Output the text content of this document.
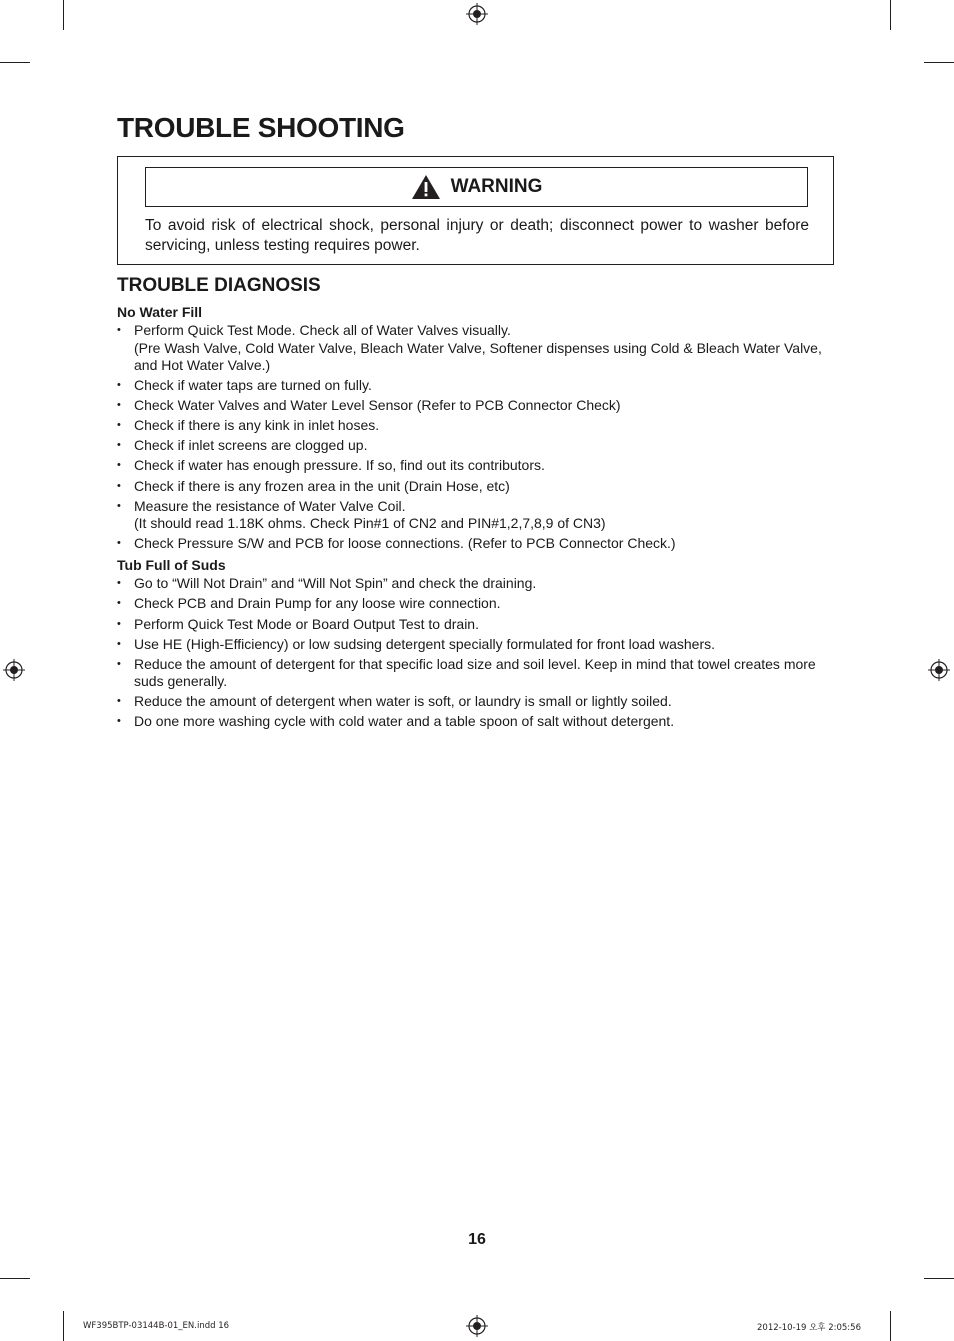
TROUBLE SHOOTING
WARNING

To avoid risk of electrical shock, personal injury or death; disconnect power to washer before servicing, unless testing requires power.

TROUBLE DIAGNOSIS

No Water Fill

• Perform Quick Test Mode. Check all of Water Valves visually.
(Pre Wash Valve, Cold Water Valve, Bleach Water Valve, Softener dispenses using Cold & Bleach Water Valve, and Hot Water Valve.)
• Check if water taps are turned on fully.
• Check Water Valves and Water Level Sensor (Refer to PCB Connector Check)
• Check if there is any kink in inlet hoses.
• Check if inlet screens are clogged up.
• Check if water has enough pressure. If so, find out its contributors.
• Check if there is any frozen area in the unit (Drain Hose, etc)
• Measure the resistance of Water Valve Coil.
(It should read 1.18K ohms. Check Pin#1 of CN2 and PIN#1,2,7,8,9 of CN3)
• Check Pressure S/W and PCB for loose connections. (Refer to PCB Connector Check.)

Tub Full of Suds

• Go to “Will Not Drain” and “Will Not Spin” and check the draining.
• Check PCB and Drain Pump for any loose wire connection.
• Perform Quick Test Mode or Board Output Test to drain.
• Use HE (High-Efficiency) or low sudsing detergent specially formulated for front load washers.
• Reduce the amount of detergent for that specific load size and soil level. Keep in mind that towel creates more suds generally.
• Reduce the amount of detergent when water is soft, or laundry is small or lightly soiled.
• Do one more washing cycle with cold water and a table spoon of salt without detergent.

16

WF395BTP-03144B-01_EN.indd 16	2012-10-19 오후 2:05:56
